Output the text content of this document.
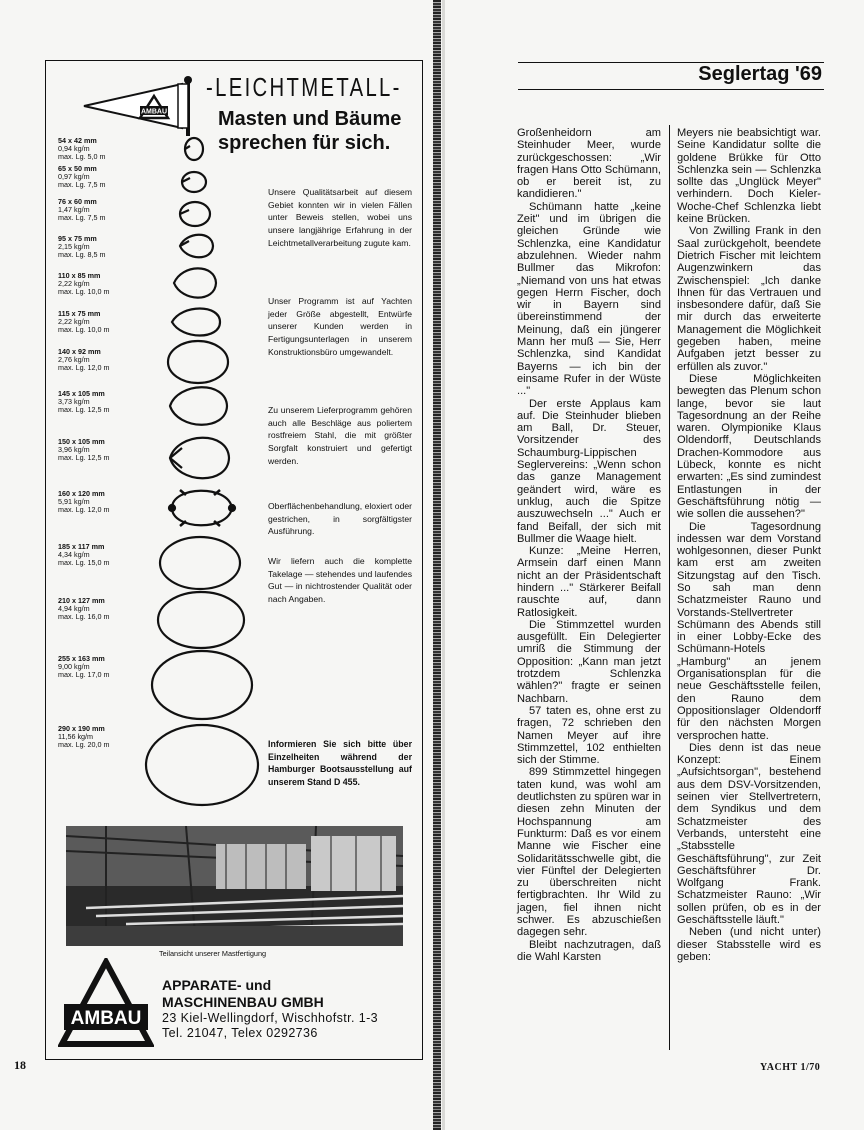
AMBAU
-LEICHTMETALL-
Masten und Bäume
sprechen für sich.
54 x 42 mm
0,94 kg/m
max. Lg. 5,0 m
65 x 50 mm
0,97 kg/m
max. Lg. 7,5 m
76 x 60 mm
1,47 kg/m
max. Lg. 7,5 m
95 x 75 mm
2,15 kg/m
max. Lg. 8,5 m
110 x 85 mm
2,22 kg/m
max. Lg. 10,0 m
115 x 75 mm
2,22 kg/m
max. Lg. 10,0 m
140 x 92 mm
2,76 kg/m
max. Lg. 12,0 m
145 x 105 mm
3,73 kg/m
max. Lg. 12,5 m
150 x 105 mm
3,96 kg/m
max. Lg. 12,5 m
160 x 120 mm
5,91 kg/m
max. Lg. 12,0 m
185 x 117 mm
4,34 kg/m
max. Lg. 15,0 m
210 x 127 mm
4,94 kg/m
max. Lg. 16,0 m
255 x 163 mm
9,00 kg/m
max. Lg. 17,0 m
290 x 190 mm
11,56 kg/m
max. Lg. 20,0 m
Unsere Qualitätsarbeit auf diesem Gebiet konnten wir in vielen Fällen unter Beweis stellen, wobei uns unsere langjährige Erfahrung in der Leichtmetallverarbeitung zugute kam.
Unser Programm ist auf Yachten jeder Größe abgestellt, Entwürfe unserer Kunden werden in Fertigungsunterlagen in unserem Konstruktionsbüro umgewandelt.
Zu unserem Lieferprogramm gehören auch alle Beschläge aus poliertem rostfreiem Stahl, die mit größter Sorgfalt konstruiert und gefertigt werden.
Oberflächenbehandlung, eloxiert oder gestrichen, in sorgfältigster Ausführung.
Wir liefern auch die komplette Takelage — stehendes und laufendes Gut — in nichtrostender Qualität oder nach Angaben.
Informieren Sie sich bitte über Einzelheiten während der Hamburger Bootsausstellung auf unserem Stand D 455.
Teilansicht unserer Mastfertigung
AMBAU
APPARATE- und
MASCHINENBAU GMBH
23 Kiel-Wellingdorf, Wischhofstr. 1-3
Tel. 21047, Telex 0292736
18
Seglertag '69

Großenheidorn am Steinhuder Meer, wurde zurückgeschossen: „Wir fragen Hans Otto Schümann, ob er bereit ist, zu kandidieren."

Schümann hatte „keine Zeit" und im übrigen die gleichen Gründe wie Schlenzka, eine Kandidatur abzulehnen. Wieder nahm Bullmer das Mikrofon: „Niemand von uns hat etwas gegen Herrn Fischer, doch wir in Bayern sind übereinstimmend der Meinung, daß ein jüngerer Mann her muß — Sie, Herr Schlenzka, sind Kandidat Bayerns — ich bin der einsame Rufer in der Wüste ..."

Der erste Applaus kam auf. Die Steinhuder blieben am Ball, Dr. Steuer, Vorsitzender des Schaumburg-Lippischen Seglervereins: „Wenn schon das ganze Management geändert wird, wäre es unklug, auch die Spitze auszuwechseln ..." Auch er fand Beifall, der sich mit Bullmer die Waage hielt.

Kunze: „Meine Herren, Armsein darf einen Mann nicht an der Präsidentschaft hindern ..." Stärkerer Beifall rauschte auf, dann Ratlosigkeit.

Die Stimmzettel wurden ausgefüllt. Ein Delegierter umriß die Stimmung der Opposition: „Kann man jetzt trotzdem Schlenzka wählen?" fragte er seinen Nachbarn.

57 taten es, ohne erst zu fragen, 72 schrieben den Namen Meyer auf ihre Stimmzettel, 102 enthielten sich der Stimme.

899 Stimmzettel hingegen taten kund, was wohl am deutlichsten zu spüren war in diesen zehn Minuten der Hochspannung am Funkturm: Daß es vor einem Manne wie Fischer eine Solidaritätsschwelle gibt, die vier Fünftel der Delegierten zu überschreiten nicht fertigbrachten. Ihr Wild zu jagen, fiel ihnen nicht schwer. Es abzuschießen dagegen sehr.

Bleibt nachzutragen, daß die Wahl Karsten

Meyers nie beabsichtigt war. Seine Kandidatur sollte die goldene Brükke für Otto Schlenzka sein — Schlenzka sollte das „Unglück Meyer" verhindern. Doch Kieler-Woche-Chef Schlenzka liebt keine Brücken.

Von Zwilling Frank in den Saal zurückgeholt, beendete Dietrich Fischer mit leichtem Augenzwinkern das Zwischenspiel: „Ich danke Ihnen für das Vertrauen und insbesondere dafür, daß Sie mir durch das erweiterte Management die Möglichkeit gegeben haben, meine Aufgaben jetzt besser zu erfüllen als zuvor."

Diese Möglichkeiten bewegten das Plenum schon lange, bevor sie laut Tagesordnung an der Reihe waren. Olympionike Klaus Oldendorff, Deutschlands Drachen-Kommodore aus Lübeck, konnte es nicht erwarten: „Es sind zumindest Entlastungen in der Geschäftsführung nötig — wie sollen die aussehen?"

Die Tagesordnung indessen war dem Vorstand wohlgesonnen, dieser Punkt kam erst am zweiten Sitzungstag auf den Tisch. So sah man denn Schatzmeister Rauno und Vorstands-Stellvertreter Schümann des Abends still in einer Lobby-Ecke des Schümann-Hotels „Hamburg" an jenem Organisationsplan für die neue Geschäftsstelle feilen, den Rauno dem Oppositionslager Oldendorff für den nächsten Morgen versprochen hatte.

Dies denn ist das neue Konzept: Einem „Aufsichtsorgan", bestehend aus dem DSV-Vorsitzenden, seinen vier Stellvertretern, dem Syndikus und dem Schatzmeister des Verbands, untersteht eine „Stabsstelle Geschäftsführung", zur Zeit Geschäftsführer Dr. Wolfgang Frank. Schatzmeister Rauno: „Wir sollen prüfen, ob es in der Geschäftsstelle läuft."

Neben (und nicht unter) dieser Stabsstelle wird es geben:

YACHT 1/70
